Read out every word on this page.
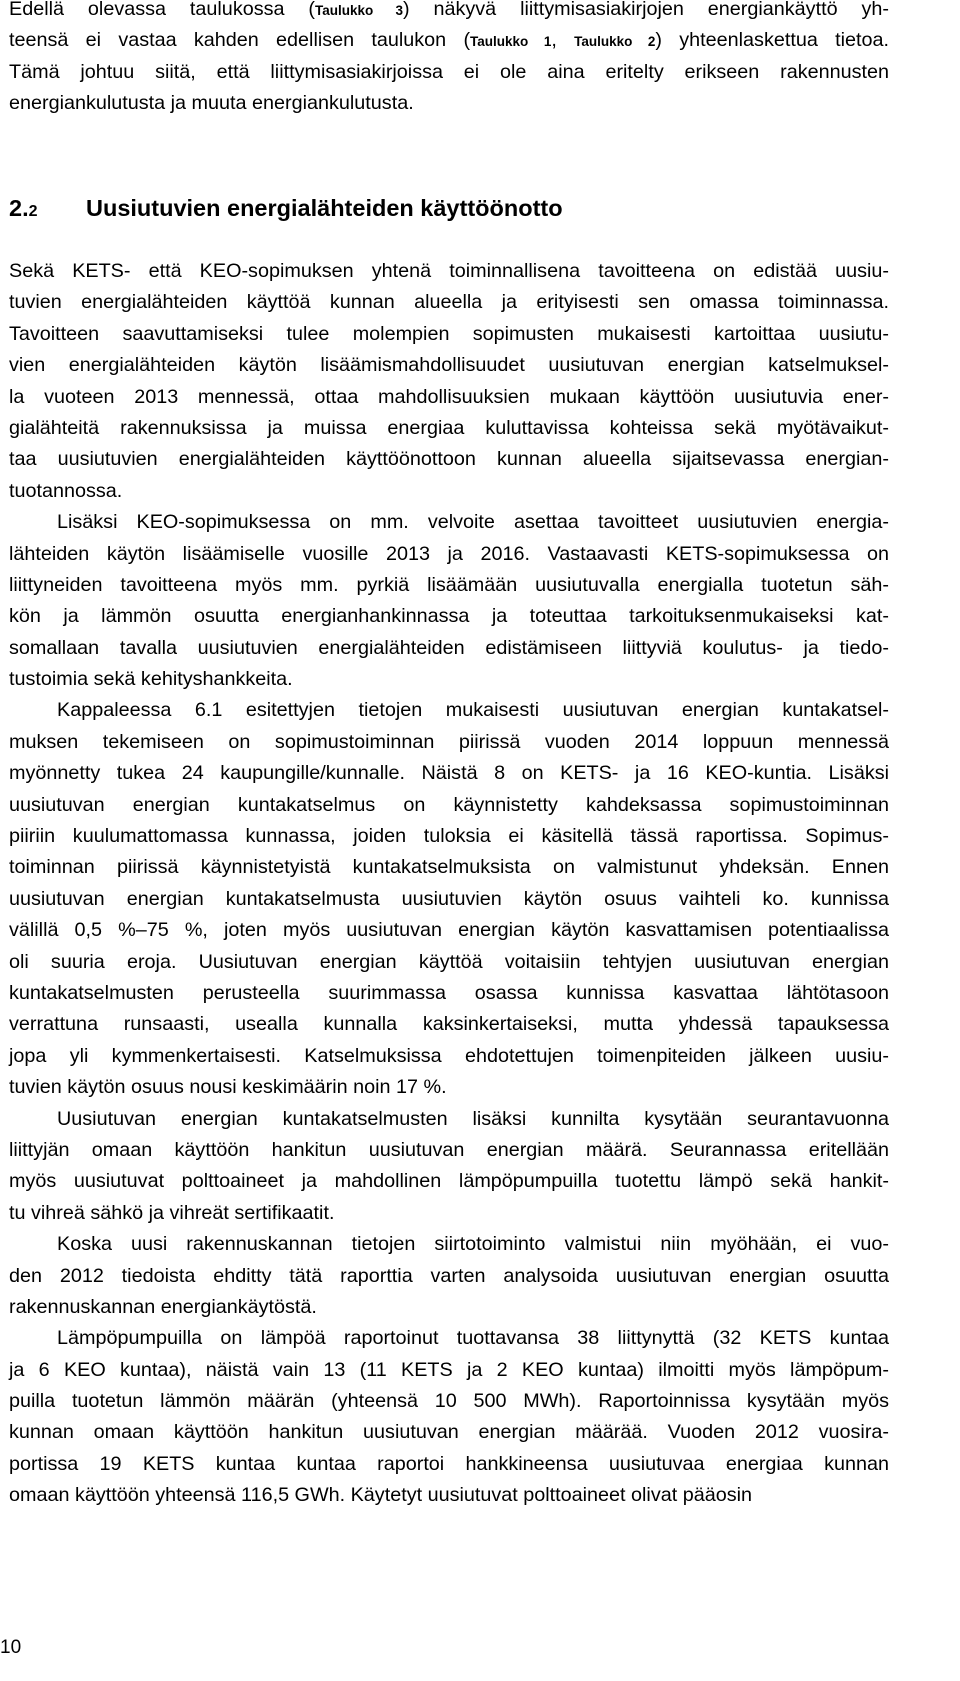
Edellä olevassa taulukossa (Taulukko 3) näkyvä liittymisasiakirjojen energiankäyttö yh-

teensä ei vastaa kahden edellisen taulukon (Taulukko 1, Taulukko 2) yhteenlaskettua tietoa.

Tämä johtuu siitä, että liittymisasiakirjoissa ei ole aina eritelty erikseen rakennusten

energiankulutusta ja muuta energiankulutusta.

2.2 Uusiutuvien energialähteiden käyttöönotto

Sekä KETS- että KEO-sopimuksen yhtenä toiminnallisena tavoitteena on edistää uusiu-

tuvien energialähteiden käyttöä kunnan alueella ja erityisesti sen omassa toiminnassa.

Tavoitteen saavuttamiseksi tulee molempien sopimusten mukaisesti kartoittaa uusiutu-

vien energialähteiden käytön lisäämismahdollisuudet uusiutuvan energian katselmuksel-

la vuoteen 2013 mennessä, ottaa mahdollisuuksien mukaan käyttöön uusiutuvia ener-

gialähteitä rakennuksissa ja muissa energiaa kuluttavissa kohteissa sekä myötävaikut-

taa uusiutuvien energialähteiden käyttöönottoon kunnan alueella sijaitsevassa energian-

tuotannossa.

Lisäksi KEO-sopimuksessa on mm. velvoite asettaa tavoitteet uusiutuvien energia-

lähteiden käytön lisäämiselle vuosille 2013 ja 2016. Vastaavasti KETS-sopimuksessa on

liittyneiden tavoitteena myös mm. pyrkiä lisäämään uusiutuvalla energialla tuotetun säh-

kön ja lämmön osuutta energianhankinnassa ja toteuttaa tarkoituksenmukaiseksi kat-

somallaan tavalla uusiutuvien energialähteiden edistämiseen liittyviä koulutus- ja tiedo-

tustoimia sekä kehityshankkeita.

Kappaleessa 6.1 esitettyjen tietojen mukaisesti uusiutuvan energian kuntakatsel-

muksen tekemiseen on sopimustoiminnan piirissä vuoden 2014 loppuun mennessä

myönnetty tukea 24 kaupungille/kunnalle. Näistä 8 on KETS- ja 16 KEO-kuntia. Lisäksi

uusiutuvan energian kuntakatselmus on käynnistetty kahdeksassa sopimustoiminnan

piiriin kuulumattomassa kunnassa, joiden tuloksia ei käsitellä tässä raportissa. Sopimus-

toiminnan piirissä käynnistetyistä kuntakatselmuksista on valmistunut yhdeksän. Ennen

uusiutuvan energian kuntakatselmusta uusiutuvien käytön osuus vaihteli ko. kunnissa

välillä 0,5 %–75 %, joten myös uusiutuvan energian käytön kasvattamisen potentiaalissa

oli suuria eroja. Uusiutuvan energian käyttöä voitaisiin tehtyjen uusiutuvan energian

kuntakatselmusten perusteella suurimmassa osassa kunnissa kasvattaa lähtötasoon

verrattuna runsaasti, usealla kunnalla kaksinkertaiseksi, mutta yhdessä tapauksessa

jopa yli kymmenkertaisesti. Katselmuksissa ehdotettujen toimenpiteiden jälkeen uusiu-

tuvien käytön osuus nousi keskimäärin noin 17 %.

Uusiutuvan energian kuntakatselmusten lisäksi kunnilta kysytään seurantavuonna

liittyjän omaan käyttöön hankitun uusiutuvan energian määrä. Seurannassa eritellään

myös uusiutuvat polttoaineet ja mahdollinen lämpöpumpuilla tuotettu lämpö sekä hankit-

tu vihreä sähkö ja vihreät sertifikaatit.

Koska uusi rakennuskannan tietojen siirtotoiminto valmistui niin myöhään, ei vuo-

den 2012 tiedoista ehditty tätä raporttia varten analysoida uusiutuvan energian osuutta

rakennuskannan energiankäytöstä.

Lämpöpumpuilla on lämpöä raportoinut tuottavansa 38 liittynyttä (32 KETS kuntaa

ja 6 KEO kuntaa), näistä vain 13 (11 KETS ja 2 KEO kuntaa) ilmoitti myös lämpöpum-

puilla tuotetun lämmön määrän (yhteensä 10 500 MWh). Raportoinnissa kysytään myös

kunnan omaan käyttöön hankitun uusiutuvan energian määrää. Vuoden 2012 vuosira-

portissa 19 KETS kuntaa kuntaa raportoi hankkineensa uusiutuvaa energiaa kunnan

omaan käyttöön yhteensä 116,5 GWh. Käytetyt uusiutuvat polttoaineet olivat pääosin

10
